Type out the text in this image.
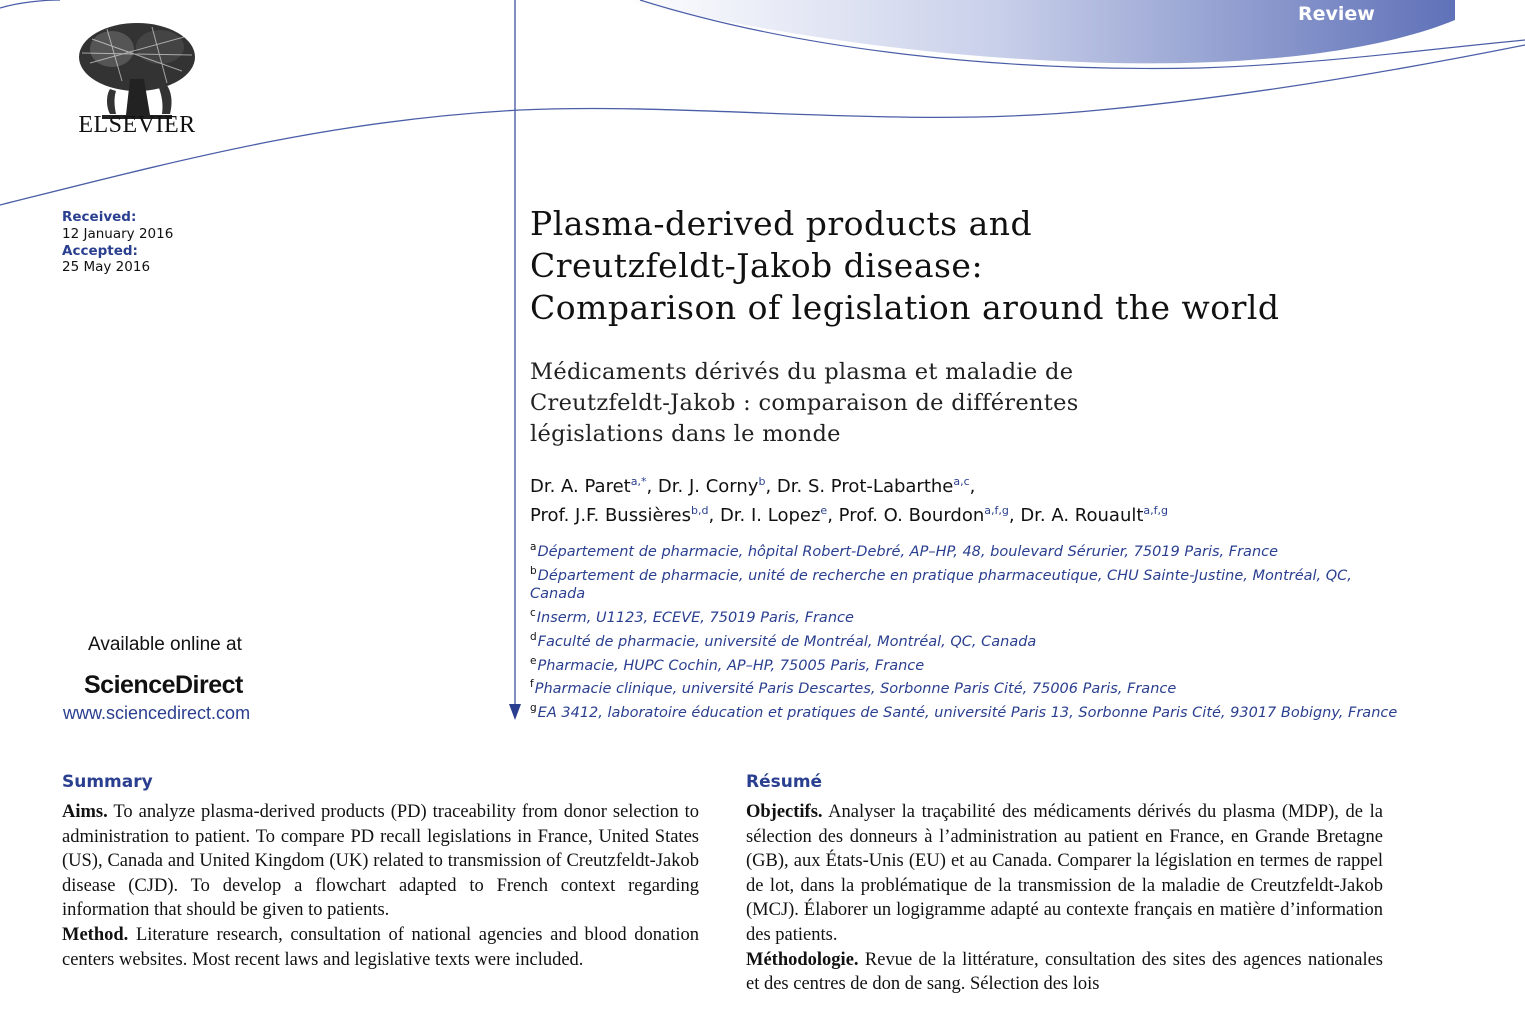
ELSEVIER
Review
Received:
12 January 2016
Accepted:
25 May 2016
Plasma-derived products and
Creutzfeldt-Jakob disease:
Comparison of legislation around the world
Médicaments dérivés du plasma et maladie de
Creutzfeldt-Jakob : comparaison de différentes
législations dans le monde
Dr. A. Paret$^{a,*}$, Dr. J. Corny$^b$, Dr. S. Prot-Labarthe$^{a,c}$,
Prof. J.F. Bussières$^{b,d}$, Dr. I. Lopez$^e$, Prof. O. Bourdon$^{a,f,g}$, Dr. A. Rouault$^{a,f,g}$
$^a$Département de pharmacie, hôpital Robert-Debré, AP–HP, 48, boulevard Sérurier, 75019 Paris, France
$^b$Département de pharmacie, unité de recherche en pratique pharmaceutique, CHU Sainte-Justine, Montréal, QC, Canada
$^c$Inserm, U1123, ECEVE, 75019 Paris, France
$^d$Faculté de pharmacie, université de Montréal, Montréal, QC, Canada
$^e$Pharmacie, HUPC Cochin, AP–HP, 75005 Paris, France
$^f$Pharmacie clinique, université Paris Descartes, Sorbonne Paris Cité, 75006 Paris, France
$^g$EA 3412, laboratoire éducation et pratiques de Santé, université Paris 13, Sorbonne Paris Cité, 93017 Bobigny, France
Available online at
ScienceDirect
www.sciencedirect.com
Summary

Aims. To analyze plasma-derived products (PD) traceability from donor selection to administration to patient. To compare PD recall legislations in France, United States (US), Canada and United Kingdom (UK) related to transmission of Creutzfeldt-Jakob disease (CJD). To develop a flowchart adapted to French context regarding information that should be given to patients.

Method. Literature research, consultation of national agencies and blood donation centers websites. Most recent laws and legislative texts were included.

Résumé

Objectifs. Analyser la traçabilité des médicaments dérivés du plasma (MDP), de la sélection des donneurs à l’administration au patient en France, en Grande Bretagne (GB), aux États-Unis (EU) et au Canada. Comparer la législation en termes de rappel de lot, dans la problématique de la transmission de la maladie de Creutzfeldt-Jakob (MCJ). Élaborer un logigramme adapté au contexte français en matière d’information des patients.

Méthodologie. Revue de la littérature, consultation des sites des agences nationales et des centres de don de sang. Sélection des lois
